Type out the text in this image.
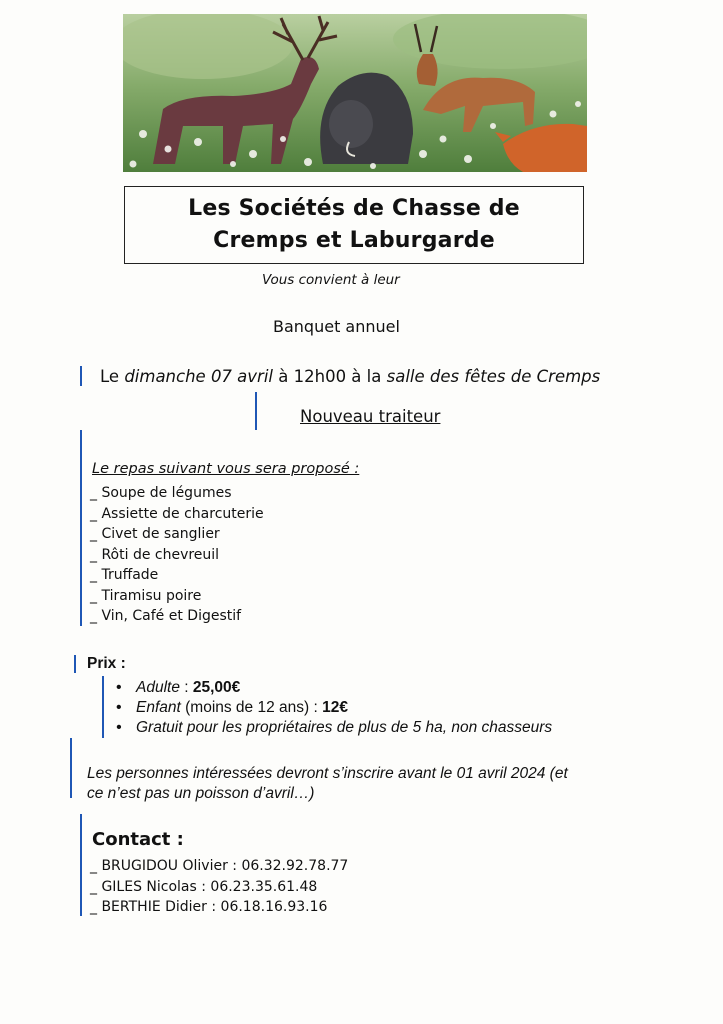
Les Sociétés de Chasse de
Cremps et Laburgarde
Vous convient à leur
Banquet annuel
Le dimanche 07 avril à 12h00 à la salle des fêtes de Cremps
Nouveau traiteur
Le repas suivant vous sera proposé :
_ Soupe de légumes
_ Assiette de charcuterie
_ Civet de sanglier
_ Rôti de chevreuil
_ Truffade
_ Tiramisu poire
_ Vin, Café et Digestif
Prix :
• Adulte : 25,00€
• Enfant (moins de 12 ans) : 12€
• Gratuit pour les propriétaires de plus de 5 ha, non chasseurs
Les personnes intéressées devront s’inscrire avant le 01 avril 2024 (et
ce n’est pas un poisson d’avril…)
Contact :
_ BRUGIDOU Olivier : 06.32.92.78.77
_ GILES Nicolas : 06.23.35.61.48
_ BERTHIE Didier : 06.18.16.93.16
